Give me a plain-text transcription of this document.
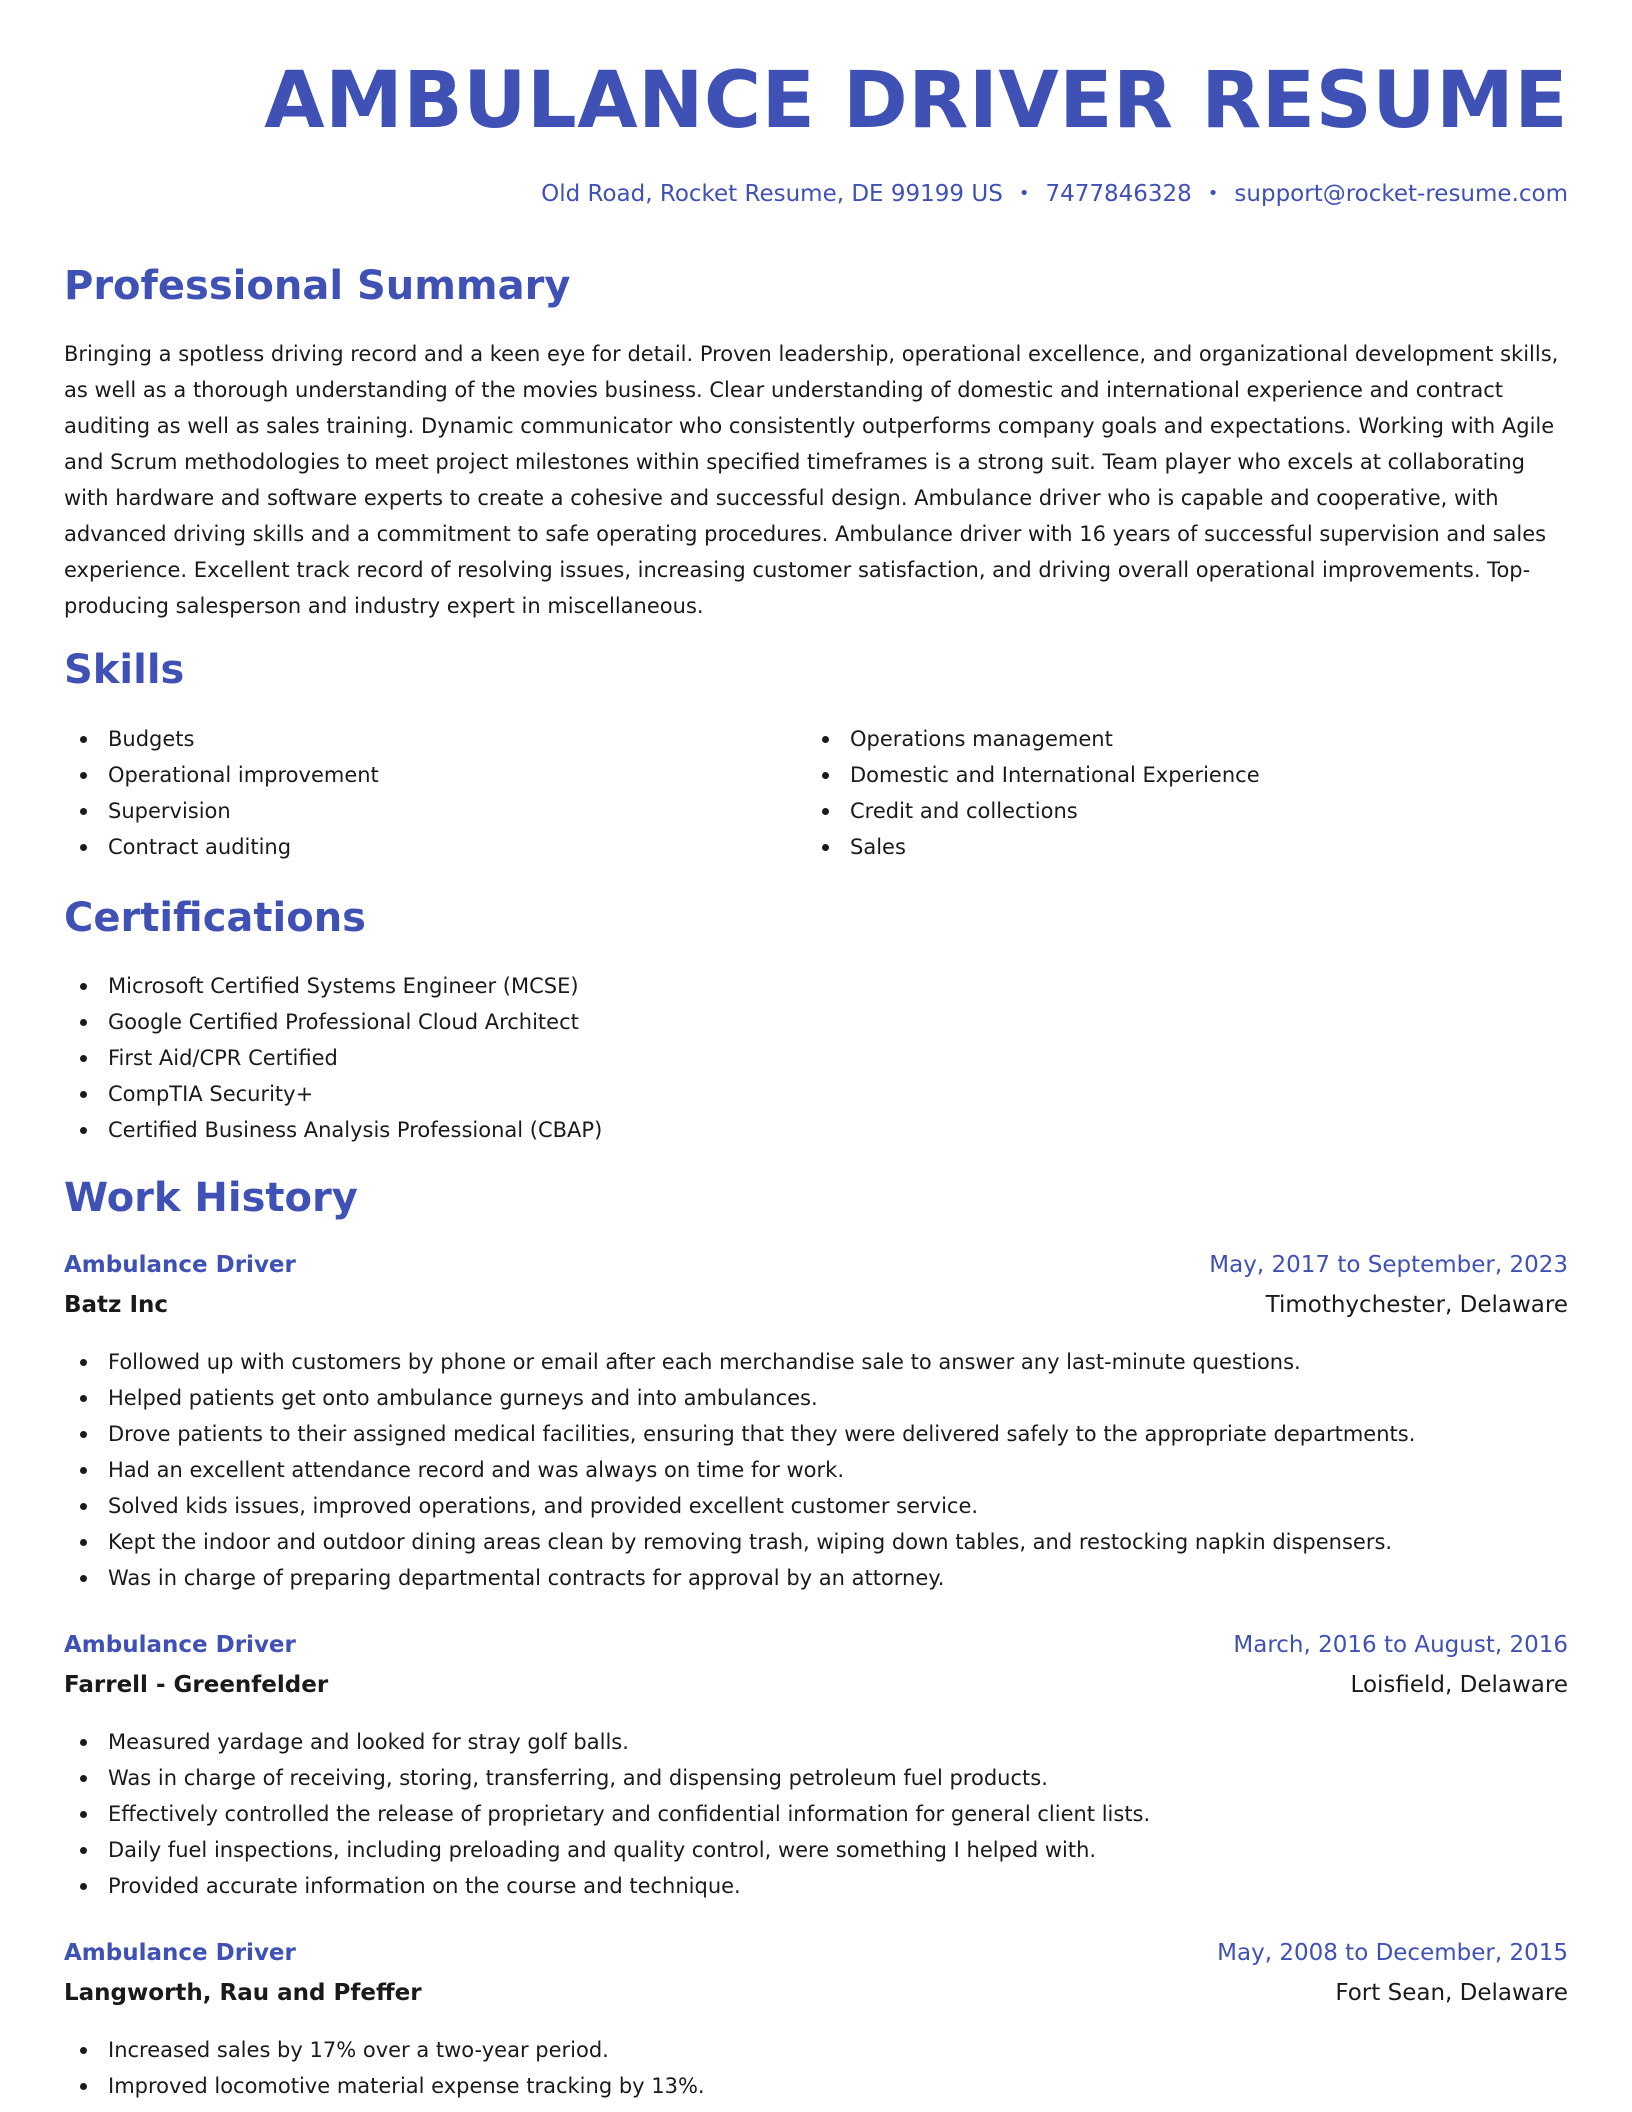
AMBULANCE DRIVER RESUME
Old Road, Rocket Resume, DE 99199 US • 7477846328 • support@rocket-resume.com
Professional Summary
Bringing a spotless driving record and a keen eye for detail. Proven leadership, operational excellence, and organizational development skills, as well as a thorough understanding of the movies business. Clear understanding of domestic and international experience and contract auditing as well as sales training. Dynamic communicator who consistently outperforms company goals and expectations. Working with Agile and Scrum methodologies to meet project milestones within specified timeframes is a strong suit. Team player who excels at collaborating with hardware and software experts to create a cohesive and successful design. Ambulance driver who is capable and cooperative, with advanced driving skills and a commitment to safe operating procedures. Ambulance driver with 16 years of successful supervision and sales experience. Excellent track record of resolving issues, increasing customer satisfaction, and driving overall operational improvements. Top-producing salesperson and industry expert in miscellaneous.
Skills
Budgets
Operational improvement
Supervision
Contract auditing
Operations management
Domestic and International Experience
Credit and collections
Sales
Certifications
Microsoft Certified Systems Engineer (MCSE)
Google Certified Professional Cloud Architect
First Aid/CPR Certified
CompTIA Security+
Certified Business Analysis Professional (CBAP)
Work History
Ambulance Driver	May, 2017 to September, 2023
Batz Inc	Timothychester, Delaware
Followed up with customers by phone or email after each merchandise sale to answer any last-minute questions.
Helped patients get onto ambulance gurneys and into ambulances.
Drove patients to their assigned medical facilities, ensuring that they were delivered safely to the appropriate departments.
Had an excellent attendance record and was always on time for work.
Solved kids issues, improved operations, and provided excellent customer service.
Kept the indoor and outdoor dining areas clean by removing trash, wiping down tables, and restocking napkin dispensers.
Was in charge of preparing departmental contracts for approval by an attorney.
Ambulance Driver	March, 2016 to August, 2016
Farrell - Greenfelder	Loisfield, Delaware
Measured yardage and looked for stray golf balls.
Was in charge of receiving, storing, transferring, and dispensing petroleum fuel products.
Effectively controlled the release of proprietary and confidential information for general client lists.
Daily fuel inspections, including preloading and quality control, were something I helped with.
Provided accurate information on the course and technique.
Ambulance Driver	May, 2008 to December, 2015
Langworth, Rau and Pfeffer	Fort Sean, Delaware
Increased sales by 17% over a two-year period.
Improved locomotive material expense tracking by 13%.
